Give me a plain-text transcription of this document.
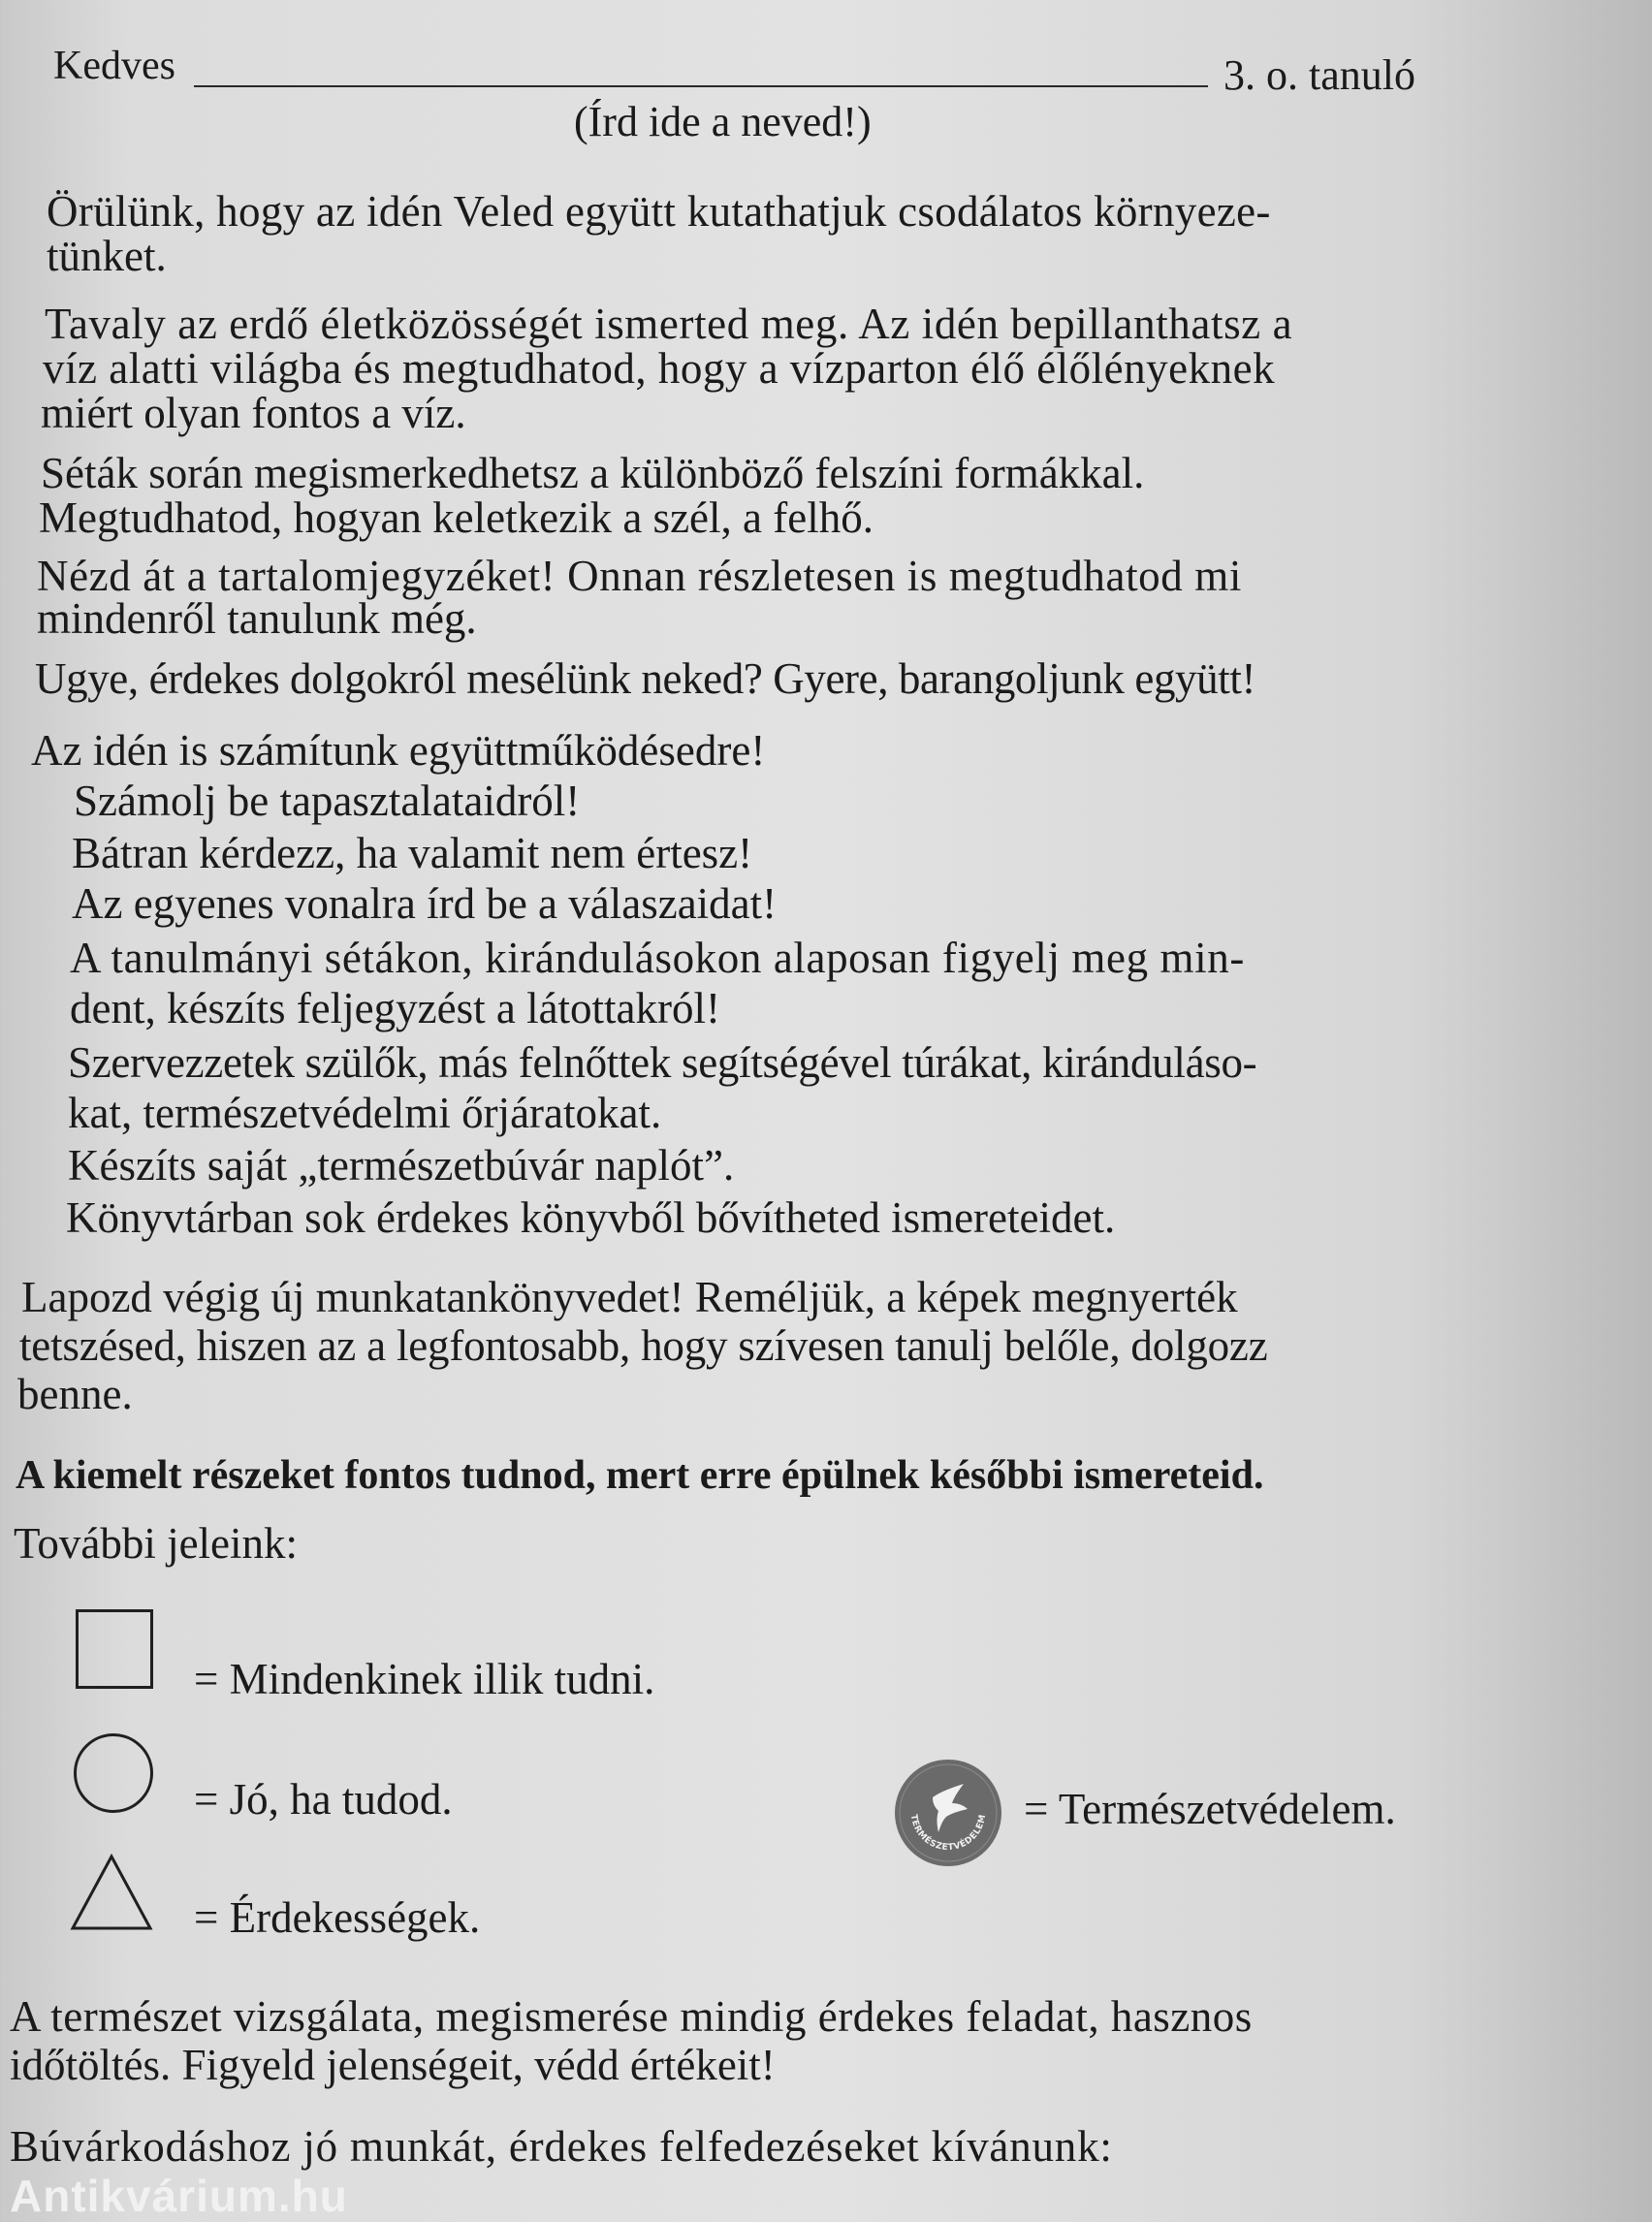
Kedves	3. o. tanuló
(Írd ide a neved!)
Örülünk, hogy az idén Veled együtt kutathatjuk csodálatos környeze-
tünket.
Tavaly az erdő életközösségét ismerted meg. Az idén bepillanthatsz a
víz alatti világba és megtudhatod, hogy a vízparton élő élőlényeknek
miért olyan fontos a víz.
Séták során megismerkedhetsz a különböző felszíni formákkal.
Megtudhatod, hogyan keletkezik a szél, a felhő.
Nézd át a tartalomjegyzéket! Onnan részletesen is megtudhatod mi
mindenről tanulunk még.
Ugye, érdekes dolgokról mesélünk neked? Gyere, barangoljunk együtt!
Az idén is számítunk együttműködésedre!
Számolj be tapasztalataidról!
Bátran kérdezz, ha valamit nem értesz!
Az egyenes vonalra írd be a válaszaidat!
A tanulmányi sétákon, kirándulásokon alaposan figyelj meg min-
dent, készíts feljegyzést a látottakról!
Szervezzetek szülők, más felnőttek segítségével túrákat, kiránduláso-
kat, természetvédelmi őrjáratokat.
Készíts saját „természetbúvár naplót”.
Könyvtárban sok érdekes könyvből bővítheted ismereteidet.
Lapozd végig új munkatankönyvedet! Reméljük, a képek megnyerték
tetszésed, hiszen az a legfontosabb, hogy szívesen tanulj belőle, dolgozz
benne.
A kiemelt részeket fontos tudnod, mert erre épülnek későbbi ismereteid.
További jeleink:
= Mindenkinek illik tudni.
= Jó, ha tudod.
= Érdekességek.
TERMÉSZETVÉDELEM = Természetvédelem.
A természet vizsgálata, megismerése mindig érdekes feladat, hasznos
időtöltés. Figyeld jelenségeit, védd értékeit!
Búvárkodáshoz jó munkát, érdekes felfedezéseket kívánunk:
Antikvárium.hu
